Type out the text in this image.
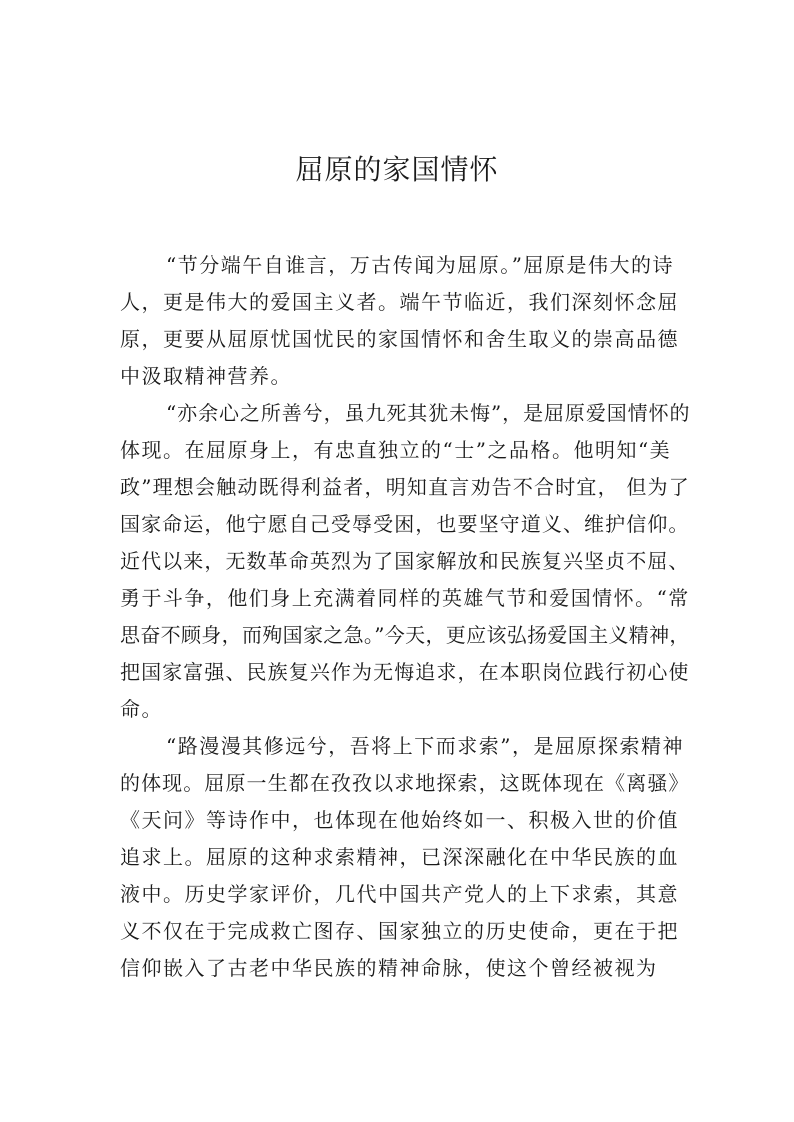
屈原的家国情怀
“节分端午自谁言，万古传闻为屈原。”屈原是伟大的诗
人，更是伟大的爱国主义者。端午节临近，我们深刻怀念屈
原，更要从屈原忧国忧民的家国情怀和舍生取义的崇高品德
中汲取精神营养。
“亦余心之所善兮，虽九死其犹未悔”，是屈原爱国情怀的
体现。在屈原身上，有忠直独立的“士”之品格。他明知“美
政”理想会触动既得利益者，明知直言劝告不合时宜， 但为了
国家命运，他宁愿自己受辱受困，也要坚守道义、维护信仰。
近代以来，无数革命英烈为了国家解放和民族复兴坚贞不屈、
勇于斗争，他们身上充满着同样的英雄气节和爱国情怀。“常
思奋不顾身，而殉国家之急。”今天，更应该弘扬爱国主义精神，
把国家富强、民族复兴作为无悔追求，在本职岗位践行初心使
命。
“路漫漫其修远兮，吾将上下而求索”，是屈原探索精神
的体现。屈原一生都在孜孜以求地探索，这既体现在《离骚》
《天问》等诗作中，也体现在他始终如一、积极入世的价值
追求上。屈原的这种求索精神，已深深融化在中华民族的血
液中。历史学家评价，几代中国共产党人的上下求索，其意
义不仅在于完成救亡图存、国家独立的历史使命，更在于把
信仰嵌入了古老中华民族的精神命脉，使这个曾经被视为
